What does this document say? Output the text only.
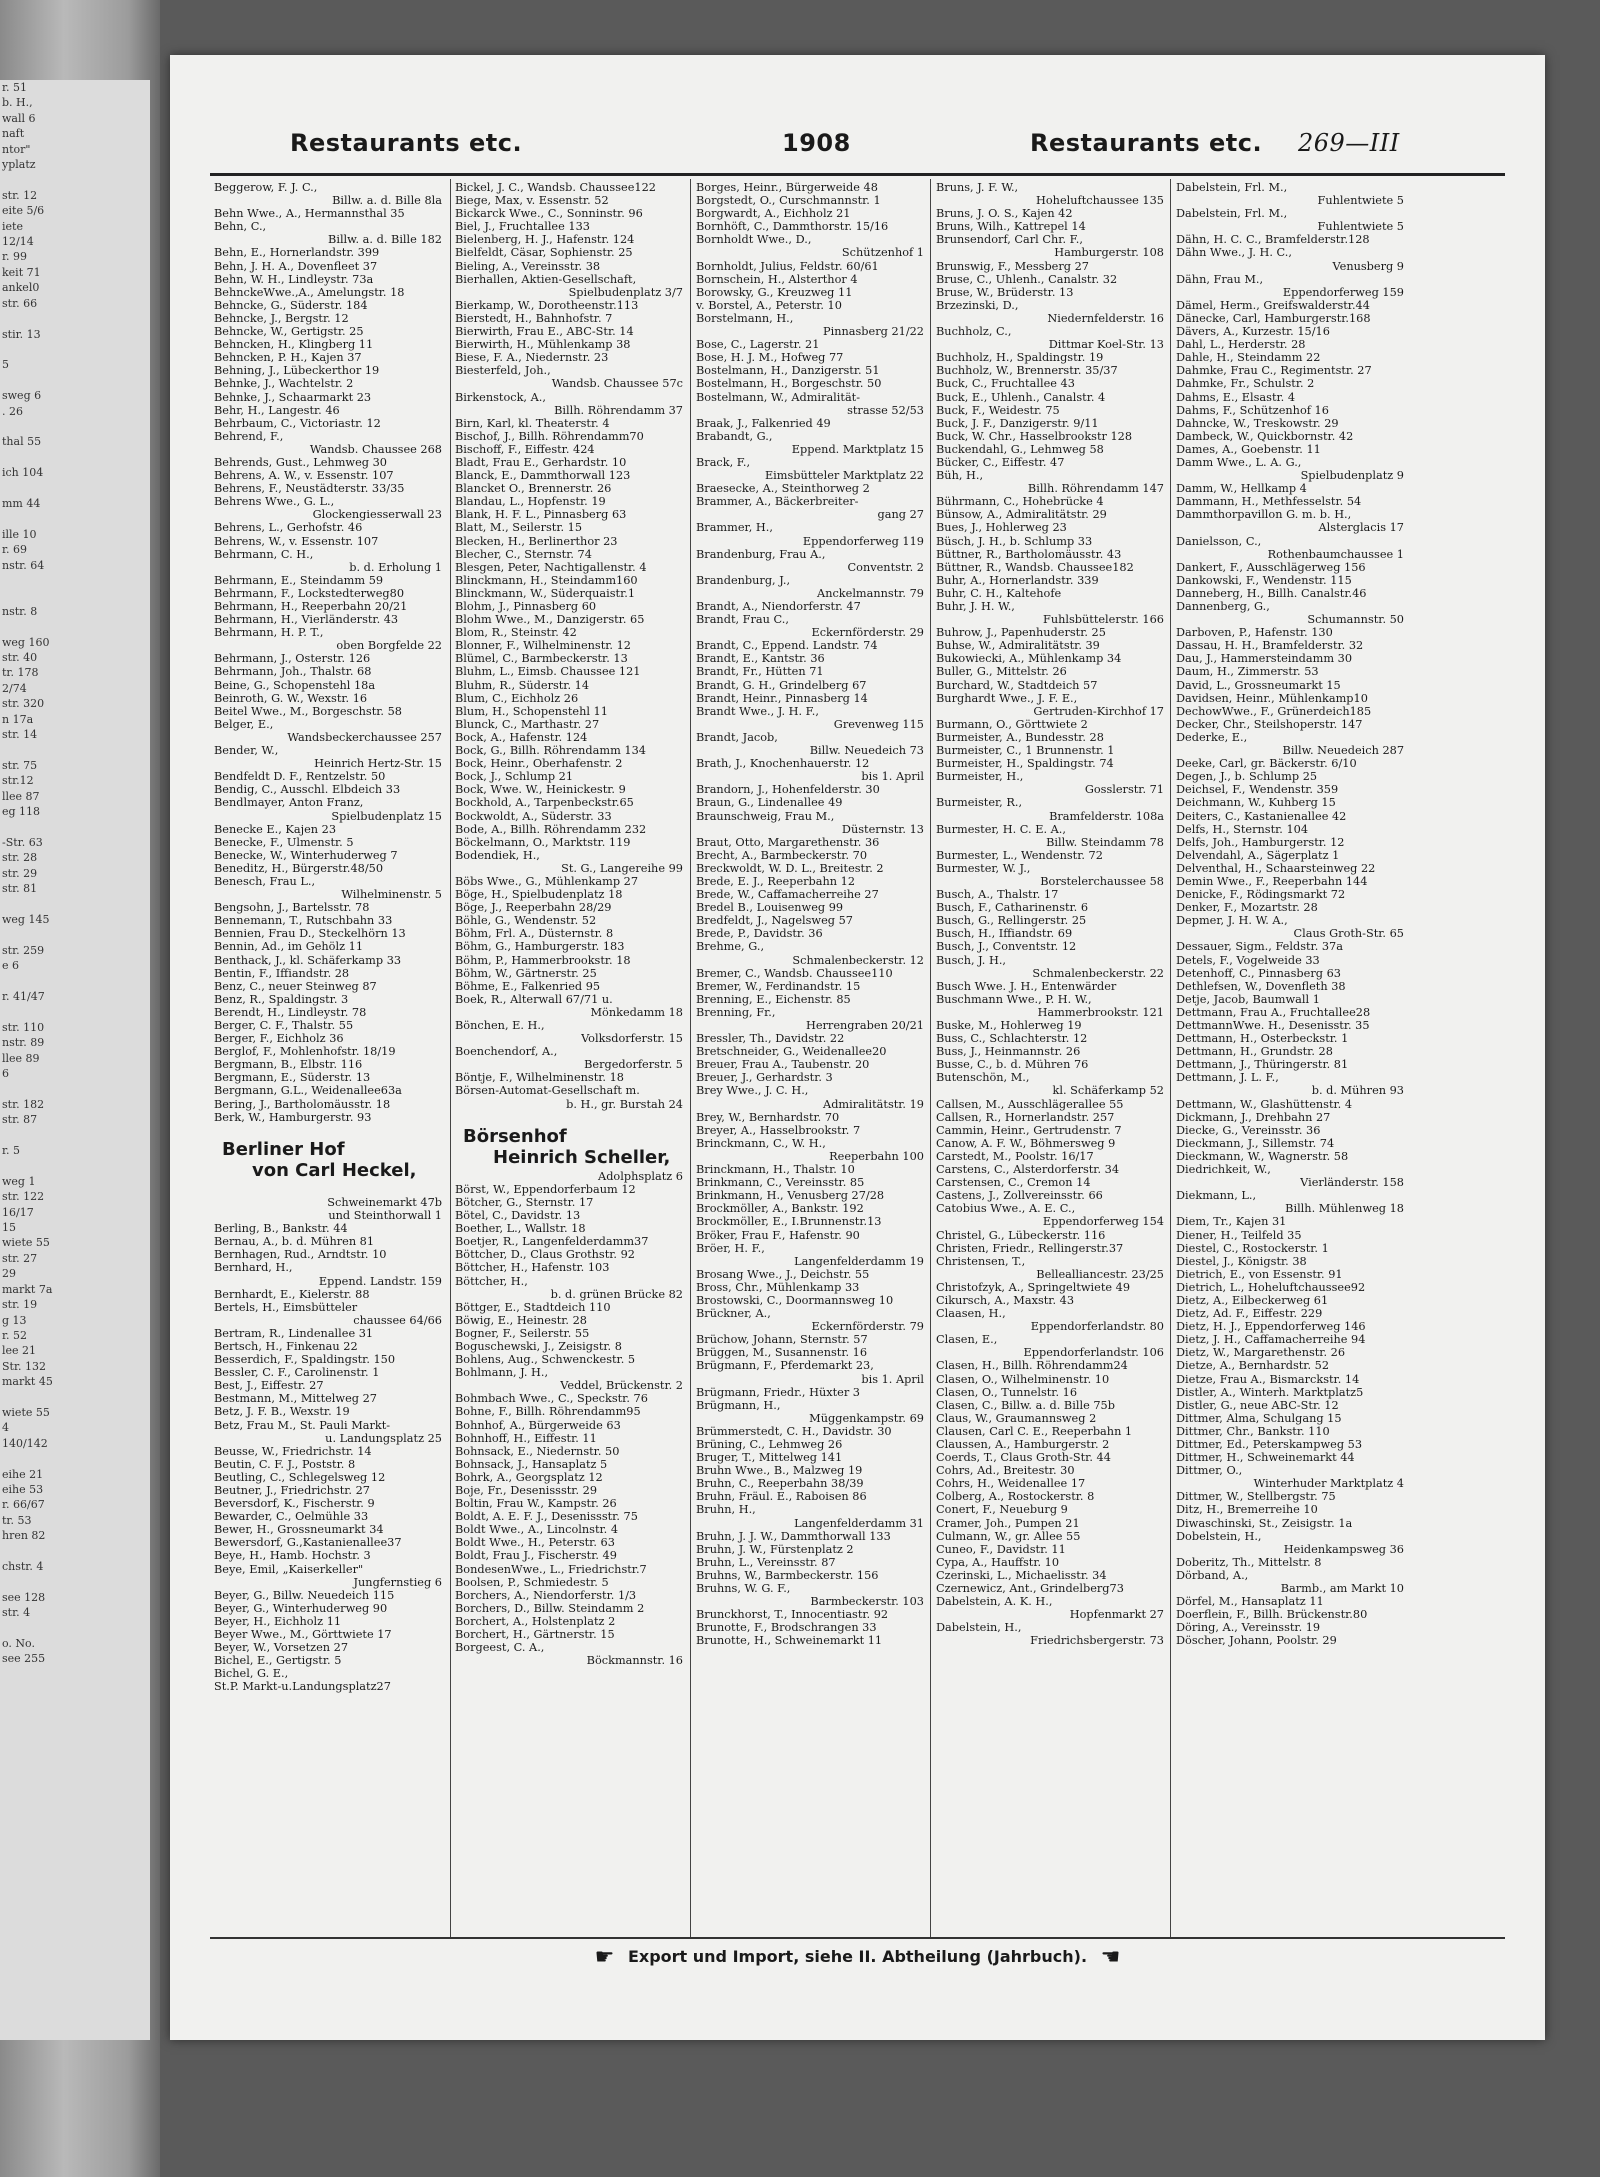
r. 51
b. H.,
wall 6
naft
ntor"
yplatz

str. 12
eite 5/6
iete
12/14
r. 99
keit 71
ankel0
str. 66

stir. 13

5

sweg 6
. 26

thal 55

ich 104

mm 44

ille 10
r. 69
nstr. 64

nstr. 8

weg 160
str. 40
tr. 178
2/74
str. 320
n 17a
str. 14

str. 75
str.12
llee 87
eg 118

-Str. 63
str. 28
str. 29
str. 81

weg 145

str. 259
e 6

r. 41/47

str. 110
nstr. 89
llee 89
6

str. 182
str. 87

r. 5

weg 1
str. 122
16/17
15
wiete 55
str. 27
29
markt 7a
str. 19
g 13
r. 52
lee 21
Str. 132
markt 45

wiete 55
4
140/142

eihe 21
eihe 53
r. 66/67
tr. 53
hren 82

chstr. 4

see 128
str. 4

o. No.
see 255
Restaurants etc.	1908	Restaurants etc. 269—III
Beggerow, F. J. C.,
Billw. a. d. Bille 8la
Behn Wwe., A., Hermannsthal 35
Behn, C.,
Billw. a. d. Bille 182
Behn, E., Hornerlandstr. 399
Behn, J. H. A., Dovenfleet 37
Behn, W. H., Lindleystr. 73a
BehnckeWwe.,A., Amelungstr. 18
Behncke, G., Süderstr. 184
Behncke, J., Bergstr. 12
Behncke, W., Gertigstr. 25
Behncken, H., Klingberg 11
Behncken, P. H., Kajen 37
Behning, J., Lübeckerthor 19
Behnke, J., Wachtelstr. 2
Behnke, J., Schaarmarkt 23
Behr, H., Langestr. 46
Behrbaum, C., Victoriastr. 12
Behrend, F.,
Wandsb. Chaussee 268
Behrends, Gust., Lehmweg 30
Behrens, A. W., v. Essenstr. 107
Behrens, F., Neustädterstr. 33/35
Behrens Wwe., G. L.,
Glockengiesserwall 23
Behrens, L., Gerhofstr. 46
Behrens, W., v. Essenstr. 107
Behrmann, C. H.,
b. d. Erholung 1
Behrmann, E., Steindamm 59
Behrmann, F., Lockstedterweg80
Behrmann, H., Reeperbahn 20/21
Behrmann, H., Vierländerstr. 43
Behrmann, H. P. T.,
oben Borgfelde 22
Behrmann, J., Osterstr. 126
Behrmann, Joh., Thalstr. 68
Beine, G., Schopenstehl 18a
Beinroth, G. W., Wexstr. 16
Beitel Wwe., M., Borgeschstr. 58
Belger, E.,
Wandsbeckerchaussee 257
Bender, W.,
Heinrich Hertz-Str. 15
Bendfeldt D. F., Rentzelstr. 50
Bendig, C., Ausschl. Elbdeich 33
Bendlmayer, Anton Franz,
Spielbudenplatz 15
Benecke E., Kajen 23
Benecke, F., Ulmenstr. 5
Benecke, W., Winterhuderweg 7
Beneditz, H., Bürgerstr.48/50
Benesch, Frau L.,
Wilhelminenstr. 5
Bengsohn, J., Bartelsstr. 78
Bennemann, T., Rutschbahn 33
Bennien, Frau D., Steckelhörn 13
Bennin, Ad., im Gehölz 11
Benthack, J., kl. Schäferkamp 33
Bentin, F., Iffiandstr. 28
Benz, C., neuer Steinweg 87
Benz, R., Spaldingstr. 3
Berendt, H., Lindleystr. 78
Berger, C. F., Thalstr. 55
Berger, F., Eichholz 36
Berglof, F., Mohlenhofstr. 18/19
Bergmann, B., Elbstr. 116
Bergmann, E., Süderstr. 13
Bergmann, G.L., Weidenallee63a
Bering, J., Bartholomäusstr. 18
Berk, W., Hamburgerstr. 93

Berliner Hof
von Carl Heckel,

Schweinemarkt 47b
und Steinthorwall 1
Berling, B., Bankstr. 44
Bernau, A., b. d. Mühren 81
Bernhagen, Rud., Arndtstr. 10
Bernhard, H.,
Eppend. Landstr. 159
Bernhardt, E., Kielerstr. 88
Bertels, H., Eimsbütteler
chaussee 64/66
Bertram, R., Lindenallee 31
Bertsch, H., Finkenau 22
Besserdich, F., Spaldingstr. 150
Bessler, C. F., Carolinenstr. 1
Best, J., Eiffestr. 27
Bestmann, M., Mittelweg 27
Betz, J. F. B., Wexstr. 19
Betz, Frau M., St. Pauli Markt-
u. Landungsplatz 25
Beusse, W., Friedrichstr. 14
Beutin, C. F. J., Poststr. 8
Beutling, C., Schlegelsweg 12
Beutner, J., Friedrichstr. 27
Beversdorf, K., Fischerstr. 9
Bewarder, C., Oelmühle 33
Bewer, H., Grossneumarkt 34
Bewersdorf, G.,Kastanienallee37
Beye, H., Hamb. Hochstr. 3
Beye, Emil, „Kaiserkeller"
Jungfernstieg 6
Beyer, G., Billw. Neuedeich 115
Beyer, G., Winterhuderweg 90
Beyer, H., Eichholz 11
Beyer Wwe., M., Görttwiete 17
Beyer, W., Vorsetzen 27
Bichel, E., Gertigstr. 5
Bichel, G. E.,
St.P. Markt-u.Landungsplatz27
Bickel, J. C., Wandsb. Chaussee122
Biege, Max, v. Essenstr. 52
Bickarck Wwe., C., Sonninstr. 96
Biel, J., Fruchtallee 133
Bielenberg, H. J., Hafenstr. 124
Bielfeldt, Cäsar, Sophienstr. 25
Bieling, A., Vereinsstr. 38
Bierhallen, Aktien-Gesellschaft,
Spielbudenplatz 3/7
Bierkamp, W., Dorotheenstr.113
Bierstedt, H., Bahnhofstr. 7
Bierwirth, Frau E., ABC-Str. 14
Bierwirth, H., Mühlenkamp 38
Biese, F. A., Niedernstr. 23
Biesterfeld, Joh.,
Wandsb. Chaussee 57c
Birkenstock, A.,
Billh. Röhrendamm 37
Birn, Karl, kl. Theaterstr. 4
Bischof, J., Billh. Röhrendamm70
Bischoff, F., Eiffestr. 424
Bladt, Frau E., Gerhardstr. 10
Blanck, E., Dammthorwall 123
Blancket O., Brennerstr. 26
Blandau, L., Hopfenstr. 19
Blank, H. F. L., Pinnasberg 63
Blatt, M., Seilerstr. 15
Blecken, H., Berlinerthor 23
Blecher, C., Sternstr. 74
Blesgen, Peter, Nachtigallenstr. 4
Blinckmann, H., Steindamm160
Blinckmann, W., Süderquaistr.1
Blohm, J., Pinnasberg 60
Blohm Wwe., M., Danzigerstr. 65
Blom, R., Steinstr. 42
Blonner, F., Wilhelminenstr. 12
Blümel, C., Barmbeckerstr. 13
Bluhm, L., Eimsb. Chaussee 121
Bluhm, R., Süderstr. 14
Blum, C., Eichholz 26
Blum, H., Schopenstehl 11
Blunck, C., Marthastr. 27
Bock, A., Hafenstr. 124
Bock, G., Billh. Röhrendamm 134
Bock, Heinr., Oberhafenstr. 2
Bock, J., Schlump 21
Bock, Wwe. W., Heinickestr. 9
Bockhold, A., Tarpenbeckstr.65
Bockwoldt, A., Süderstr. 33
Bode, A., Billh. Röhrendamm 232
Böckelmann, O., Marktstr. 119
Bodendiek, H.,
St. G., Langereihe 99
Böbs Wwe., G., Mühlenkamp 27
Böge, H., Spielbudenplatz 18
Böge, J., Reeperbahn 28/29
Böhle, G., Wendenstr. 52
Böhm, Frl. A., Düsternstr. 8
Böhm, G., Hamburgerstr. 183
Böhm, P., Hammerbrookstr. 18
Böhm, W., Gärtnerstr. 25
Böhme, E., Falkenried 95
Boek, R., Alterwall 67/71 u.
Mönkedamm 18
Bönchen, E. H.,
Volksdorferstr. 15
Boenchendorf, A.,
Bergedorferstr. 5
Böntje, F., Wilhelminenstr. 18
Börsen-Automat-Gesellschaft m.
b. H., gr. Burstah 24

Börsenhof
Heinrich Scheller,
Adolphsplatz 6
Börst, W., Eppendorferbaum 12
Bötcher, G., Sternstr. 17
Bötel, C., Davidstr. 13
Boether, L., Wallstr. 18
Boetjer, R., Langenfelderdamm37
Böttcher, D., Claus Grothstr. 92
Böttcher, H., Hafenstr. 103
Böttcher, H.,
b. d. grünen Brücke 82
Böttger, E., Stadtdeich 110
Böwig, E., Heinestr. 28
Bogner, F., Seilerstr. 55
Boguschewski, J., Zeisigstr. 8
Bohlens, Aug., Schwenckestr. 5
Bohlmann, J. H.,
Veddel, Brückenstr. 2
Bohmbach Wwe., C., Speckstr. 76
Bohne, F., Billh. Röhrendamm95
Bohnhof, A., Bürgerweide 63
Bohnhoff, H., Eiffestr. 11
Bohnsack, E., Niedernstr. 50
Bohnsack, J., Hansaplatz 5
Bohrk, A., Georgsplatz 12
Boje, Fr., Desenissstr. 29
Boltin, Frau W., Kampstr. 26
Boldt, A. E. F. J., Desenissstr. 75
Boldt Wwe., A., Lincolnstr. 4
Boldt Wwe., H., Peterstr. 63
Boldt, Frau J., Fischerstr. 49
BondesenWwe., L., Friedrichstr.7
Boolsen, P., Schmiedestr. 5
Borchers, A., Niendorferstr. 1/3
Borchers, D., Billw. Steindamm 2
Borchert, A., Holstenplatz 2
Borchert, H., Gärtnerstr. 15
Borgeest, C. A.,
Böckmannstr. 16
Borges, Heinr., Bürgerweide 48
Borgstedt, O., Curschmannstr. 1
Borgwardt, A., Eichholz 21
Bornhöft, C., Dammthorstr. 15/16
Bornholdt Wwe., D.,
Schützenhof 1
Bornholdt, Julius, Feldstr. 60/61
Bornschein, H., Alsterthor 4
Borowsky, G., Kreuzweg 11
v. Borstel, A., Peterstr. 10
Borstelmann, H.,
Pinnasberg 21/22
Bose, C., Lagerstr. 21
Bose, H. J. M., Hofweg 77
Bostelmann, H., Danzigerstr. 51
Bostelmann, H., Borgeschstr. 50
Bostelmann, W., Admiralität-
strasse 52/53
Braak, J., Falkenried 49
Brabandt, G.,
Eppend. Marktplatz 15
Brack, F.,
Eimsbütteler Marktplatz 22
Braesecke, A., Steinthorweg 2
Brammer, A., Bäckerbreiter-
gang 27
Brammer, H.,
Eppendorferweg 119
Brandenburg, Frau A.,
Conventstr. 2
Brandenburg, J.,
Anckelmannstr. 79
Brandt, A., Niendorferstr. 47
Brandt, Frau C.,
Eckernförderstr. 29
Brandt, C., Eppend. Landstr. 74
Brandt, E., Kantstr. 36
Brandt, Fr., Hütten 71
Brandt, G. H., Grindelberg 67
Brandt, Heinr., Pinnasberg 14
Brandt Wwe., J. H. F.,
Grevenweg 115
Brandt, Jacob,
Billw. Neuedeich 73
Brath, J., Knochenhauerstr. 12
bis 1. April
Brandorn, J., Hohenfelderstr. 30
Braun, G., Lindenallee 49
Braunschweig, Frau M.,
Düsternstr. 13
Braut, Otto, Margarethenstr. 36
Brecht, A., Barmbeckerstr. 70
Breckwoldt, W. D. L., Breitestr. 2
Brede, E. J., Reeperbahn 12
Brede, W., Caffamacherreihe 27
Bredel B., Louisenweg 99
Bredfeldt, J., Nagelsweg 57
Brede, P., Davidstr. 36
Brehme, G.,
Schmalenbeckerstr. 12
Bremer, C., Wandsb. Chaussee110
Bremer, W., Ferdinandstr. 15
Brenning, E., Eichenstr. 85
Brenning, Fr.,
Herrengraben 20/21
Bressler, Th., Davidstr. 22
Bretschneider, G., Weidenallee20
Breuer, Frau A., Taubenstr. 20
Breuer, J., Gerhardstr. 3
Brey Wwe., J. C. H.,
Admiralitätstr. 19
Brey, W., Bernhardstr. 70
Breyer, A., Hasselbrookstr. 7
Brinckmann, C., W. H.,
Reeperbahn 100
Brinckmann, H., Thalstr. 10
Brinkmann, C., Vereinsstr. 85
Brinkmann, H., Venusberg 27/28
Brockmöller, A., Bankstr. 192
Brockmöller, E., I.Brunnenstr.13
Bröker, Frau F., Hafenstr. 90
Bröer, H. F.,
Langenfelderdamm 19
Brosang Wwe., J., Deichstr. 55
Bross, Chr., Mühlenkamp 33
Brostowski, C., Doormannsweg 10
Brückner, A.,
Eckernförderstr. 79
Brüchow, Johann, Sternstr. 57
Brüggen, M., Susannenstr. 16
Brügmann, F., Pferdemarkt 23,
bis 1. April
Brügmann, Friedr., Hüxter 3
Brügmann, H.,
Müggenkampstr. 69
Brümmerstedt, C. H., Davidstr. 30
Brüning, C., Lehmweg 26
Bruger, T., Mittelweg 141
Bruhn Wwe., B., Malzweg 19
Bruhn, C., Reeperbahn 38/39
Bruhn, Fräul. E., Raboisen 86
Bruhn, H.,
Langenfelderdamm 31
Bruhn, J. J. W., Dammthorwall 133
Bruhn, J. W., Fürstenplatz 2
Bruhn, L., Vereinsstr. 87
Bruhns, W., Barmbeckerstr. 156
Bruhns, W. G. F.,
Barmbeckerstr. 103
Brunckhorst, T., Innocentiastr. 92
Brunotte, F., Brodschrangen 33
Brunotte, H., Schweinemarkt 11
Bruns, J. F. W.,
Hoheluftchaussee 135
Bruns, J. O. S., Kajen 42
Bruns, Wilh., Kattrepel 14
Brunsendorf, Carl Chr. F.,
Hamburgerstr. 108
Brunswig, F., Messberg 27
Bruse, C., Uhlenh., Canalstr. 32
Bruse, W., Brüderstr. 13
Brzezinski, D.,
Niedernfelderstr. 16
Buchholz, C.,
Dittmar Koel-Str. 13
Buchholz, H., Spaldingstr. 19
Buchholz, W., Brennerstr. 35/37
Buck, C., Fruchtallee 43
Buck, E., Uhlenh., Canalstr. 4
Buck, F., Weidestr. 75
Buck, J. F., Danzigerstr. 9/11
Buck, W. Chr., Hasselbrookstr 128
Buckendahl, G., Lehmweg 58
Bücker, C., Eiffestr. 47
Büh, H.,
Billh. Röhrendamm 147
Bührmann, C., Hohebrücke 4
Bünsow, A., Admiralitätstr. 29
Bues, J., Hohlerweg 23
Büsch, J. H., b. Schlump 33
Büttner, R., Bartholomäusstr. 43
Büttner, R., Wandsb. Chaussee182
Buhr, A., Hornerlandstr. 339
Buhr, C. H., Kaltehofe
Buhr, J. H. W.,
Fuhlsbüttelerstr. 166
Buhrow, J., Papenhuderstr. 25
Buhse, W., Admiralitätstr. 39
Bukowiecki, A., Mühlenkamp 34
Buller, G., Mittelstr. 26
Burchard, W., Stadtdeich 57
Burghardt Wwe., J. F. E.,
Gertruden-Kirchhof 17
Burmann, O., Görttwiete 2
Burmeister, A., Bundesstr. 28
Burmeister, C., 1 Brunnenstr. 1
Burmeister, H., Spaldingstr. 74
Burmeister, H.,
Gosslerstr. 71
Burmeister, R.,
Bramfelderstr. 108a
Burmester, H. C. E. A.,
Billw. Steindamm 78
Burmester, L., Wendenstr. 72
Burmester, W. J.,
Borstelerchaussee 58
Busch, A., Thalstr. 17
Busch, F., Catharinenstr. 6
Busch, G., Rellingerstr. 25
Busch, H., Iffiandstr. 69
Busch, J., Conventstr. 12
Busch, J. H.,
Schmalenbeckerstr. 22
Busch Wwe. J. H., Entenwärder
Buschmann Wwe., P. H. W.,
Hammerbrookstr. 121
Buske, M., Hohlerweg 19
Buss, C., Schlachterstr. 12
Buss, J., Heinmannstr. 26
Busse, C., b. d. Mühren 76
Butenschön, M.,
kl. Schäferkamp 52
Callsen, M., Ausschlägerallee 55
Callsen, R., Hornerlandstr. 257
Cammin, Heinr., Gertrudenstr. 7
Canow, A. F. W., Böhmersweg 9
Carstedt, M., Poolstr. 16/17
Carstens, C., Alsterdorferstr. 34
Carstensen, C., Cremon 14
Castens, J., Zollvereinsstr. 66
Catobius Wwe., A. E. C.,
Eppendorferweg 154
Christel, G., Lübeckerstr. 116
Christen, Friedr., Rellingerstr.37
Christensen, T.,
Bellealliancestr. 23/25
Christofzyk, A., Springeltwiete 49
Cikursch, A., Maxstr. 43
Claasen, H.,
Eppendorferlandstr. 80
Clasen, E.,
Eppendorferlandstr. 106
Clasen, H., Billh. Röhrendamm24
Clasen, O., Wilhelminenstr. 10
Clasen, O., Tunnelstr. 16
Clasen, C., Billw. a. d. Bille 75b
Claus, W., Graumannsweg 2
Clausen, Carl C. E., Reeperbahn 1
Claussen, A., Hamburgerstr. 2
Coerds, T., Claus Groth-Str. 44
Cohrs, Ad., Breitestr. 30
Cohrs, H., Weidenallee 17
Colberg, A., Rostockerstr. 8
Conert, F., Neueburg 9
Cramer, Joh., Pumpen 21
Culmann, W., gr. Allee 55
Cuneo, F., Davidstr. 11
Cypa, A., Hauffstr. 10
Czerinski, L., Michaelisstr. 34
Czernewicz, Ant., Grindelberg73
Dabelstein, A. K. H.,
Hopfenmarkt 27
Dabelstein, H.,
Friedrichsbergerstr. 73
Dabelstein, Frl. M.,
Fuhlentwiete 5
Dabelstein, Frl. M.,
Fuhlentwiete 5
Dähn, H. C. C., Bramfelderstr.128
Dähn Wwe., J. H. C.,
Venusberg 9
Dähn, Frau M.,
Eppendorferweg 159
Dämel, Herm., Greifswalderstr.44
Dänecke, Carl, Hamburgerstr.168
Dävers, A., Kurzestr. 15/16
Dahl, L., Herderstr. 28
Dahle, H., Steindamm 22
Dahmke, Frau C., Regimentstr. 27
Dahmke, Fr., Schulstr. 2
Dahms, E., Elsastr. 4
Dahms, F., Schützenhof 16
Dahncke, W., Treskowstr. 29
Dambeck, W., Quickbornstr. 42
Dames, A., Goebenstr. 11
Damm Wwe., L. A. G.,
Spielbudenplatz 9
Damm, W., Hellkamp 4
Dammann, H., Methfesselstr. 54
Dammthorpavillon G. m. b. H.,
Alsterglacis 17
Danielsson, C.,
Rothenbaumchaussee 1
Dankert, F., Ausschlägerweg 156
Dankowski, F., Wendenstr. 115
Danneberg, H., Billh. Canalstr.46
Dannenberg, G.,
Schumannstr. 50
Darboven, P., Hafenstr. 130
Dassau, H. H., Bramfelderstr. 32
Dau, J., Hammersteindamm 30
Daum, H., Zimmerstr. 53
David, L., Grossneumarkt 15
Davidsen, Heinr., Mühlenkamp10
DechowWwe., F., Grünerdeich185
Decker, Chr., Steilshoperstr. 147
Dederke, E.,
Billw. Neuedeich 287
Deeke, Carl, gr. Bäckerstr. 6/10
Degen, J., b. Schlump 25
Deichsel, F., Wendenstr. 359
Deichmann, W., Kuhberg 15
Deiters, C., Kastanienallee 42
Delfs, H., Sternstr. 104
Delfs, Joh., Hamburgerstr. 12
Delvendahl, A., Sägerplatz 1
Delventhal, H., Schaarsteinweg 22
Demin Wwe., F., Reeperbahn 144
Denicke, F., Rödingsmarkt 72
Denker, F., Mozartstr. 28
Depmer, J. H. W. A.,
Claus Groth-Str. 65
Dessauer, Sigm., Feldstr. 37a
Detels, F., Vogelweide 33
Detenhoff, C., Pinnasberg 63
Dethlefsen, W., Dovenfleth 38
Detje, Jacob, Baumwall 1
Dettmann, Frau A., Fruchtallee28
DettmannWwe. H., Desenisstr. 35
Dettmann, H., Osterbeckstr. 1
Dettmann, H., Grundstr. 28
Dettmann, J., Thüringerstr. 81
Dettmann, J. L. F.,
b. d. Mühren 93
Dettmann, W., Glashüttenstr. 4
Dickmann, J., Drehbahn 27
Diecke, G., Vereinsstr. 36
Dieckmann, J., Sillemstr. 74
Dieckmann, W., Wagnerstr. 58
Diedrichkeit, W.,
Vierländerstr. 158
Diekmann, L.,
Billh. Mühlenweg 18
Diem, Tr., Kajen 31
Diener, H., Teilfeld 35
Diestel, C., Rostockerstr. 1
Diestel, J., Königstr. 38
Dietrich, E., von Essenstr. 91
Dietrich, L., Hoheluftchaussee92
Dietz, A., Eilbeckerweg 61
Dietz, Ad. F., Eiffestr. 229
Dietz, H. J., Eppendorferweg 146
Dietz, J. H., Caffamacherreihe 94
Dietz, W., Margarethenstr. 26
Dietze, A., Bernhardstr. 52
Dietze, Frau A., Bismarckstr. 14
Distler, A., Winterh. Marktplatz5
Distler, G., neue ABC-Str. 12
Dittmer, Alma, Schulgang 15
Dittmer, Chr., Bankstr. 110
Dittmer, Ed., Peterskampweg 53
Dittmer, H., Schweinemarkt 44
Dittmer, O.,
Winterhuder Marktplatz 4
Dittmer, W., Stellbergstr. 75
Ditz, H., Bremerreihe 10
Diwaschinski, St., Zeisigstr. 1a
Dobelstein, H.,
Heidenkampsweg 36
Doberitz, Th., Mittelstr. 8
Dörband, A.,
Barmb., am Markt 10
Dörfel, M., Hansaplatz 11
Doerflein, F., Billh. Brückenstr.80
Döring, A., Vereinsstr. 19
Döscher, Johann, Poolstr. 29
☛ Export und Import, siehe II. Abtheilung (Jahrbuch). ☚
